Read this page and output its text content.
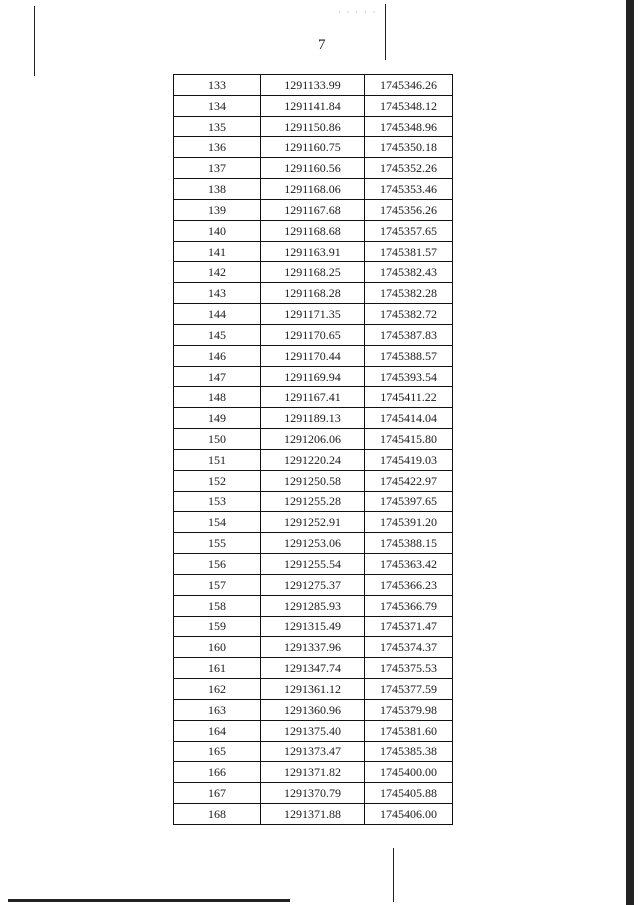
· · · · ·
7
133	1291133.99	1745346.26
134	1291141.84	1745348.12
135	1291150.86	1745348.96
136	1291160.75	1745350.18
137	1291160.56	1745352.26
138	1291168.06	1745353.46
139	1291167.68	1745356.26
140	1291168.68	1745357.65
141	1291163.91	1745381.57
142	1291168.25	1745382.43
143	1291168.28	1745382.28
144	1291171.35	1745382.72
145	1291170.65	1745387.83
146	1291170.44	1745388.57
147	1291169.94	1745393.54
148	1291167.41	1745411.22
149	1291189.13	1745414.04
150	1291206.06	1745415.80
151	1291220.24	1745419.03
152	1291250.58	1745422.97
153	1291255.28	1745397.65
154	1291252.91	1745391.20
155	1291253.06	1745388.15
156	1291255.54	1745363.42
157	1291275.37	1745366.23
158	1291285.93	1745366.79
159	1291315.49	1745371.47
160	1291337.96	1745374.37
161	1291347.74	1745375.53
162	1291361.12	1745377.59
163	1291360.96	1745379.98
164	1291375.40	1745381.60
165	1291373.47	1745385.38
166	1291371.82	1745400.00
167	1291370.79	1745405.88
168	1291371.88	1745406.00
